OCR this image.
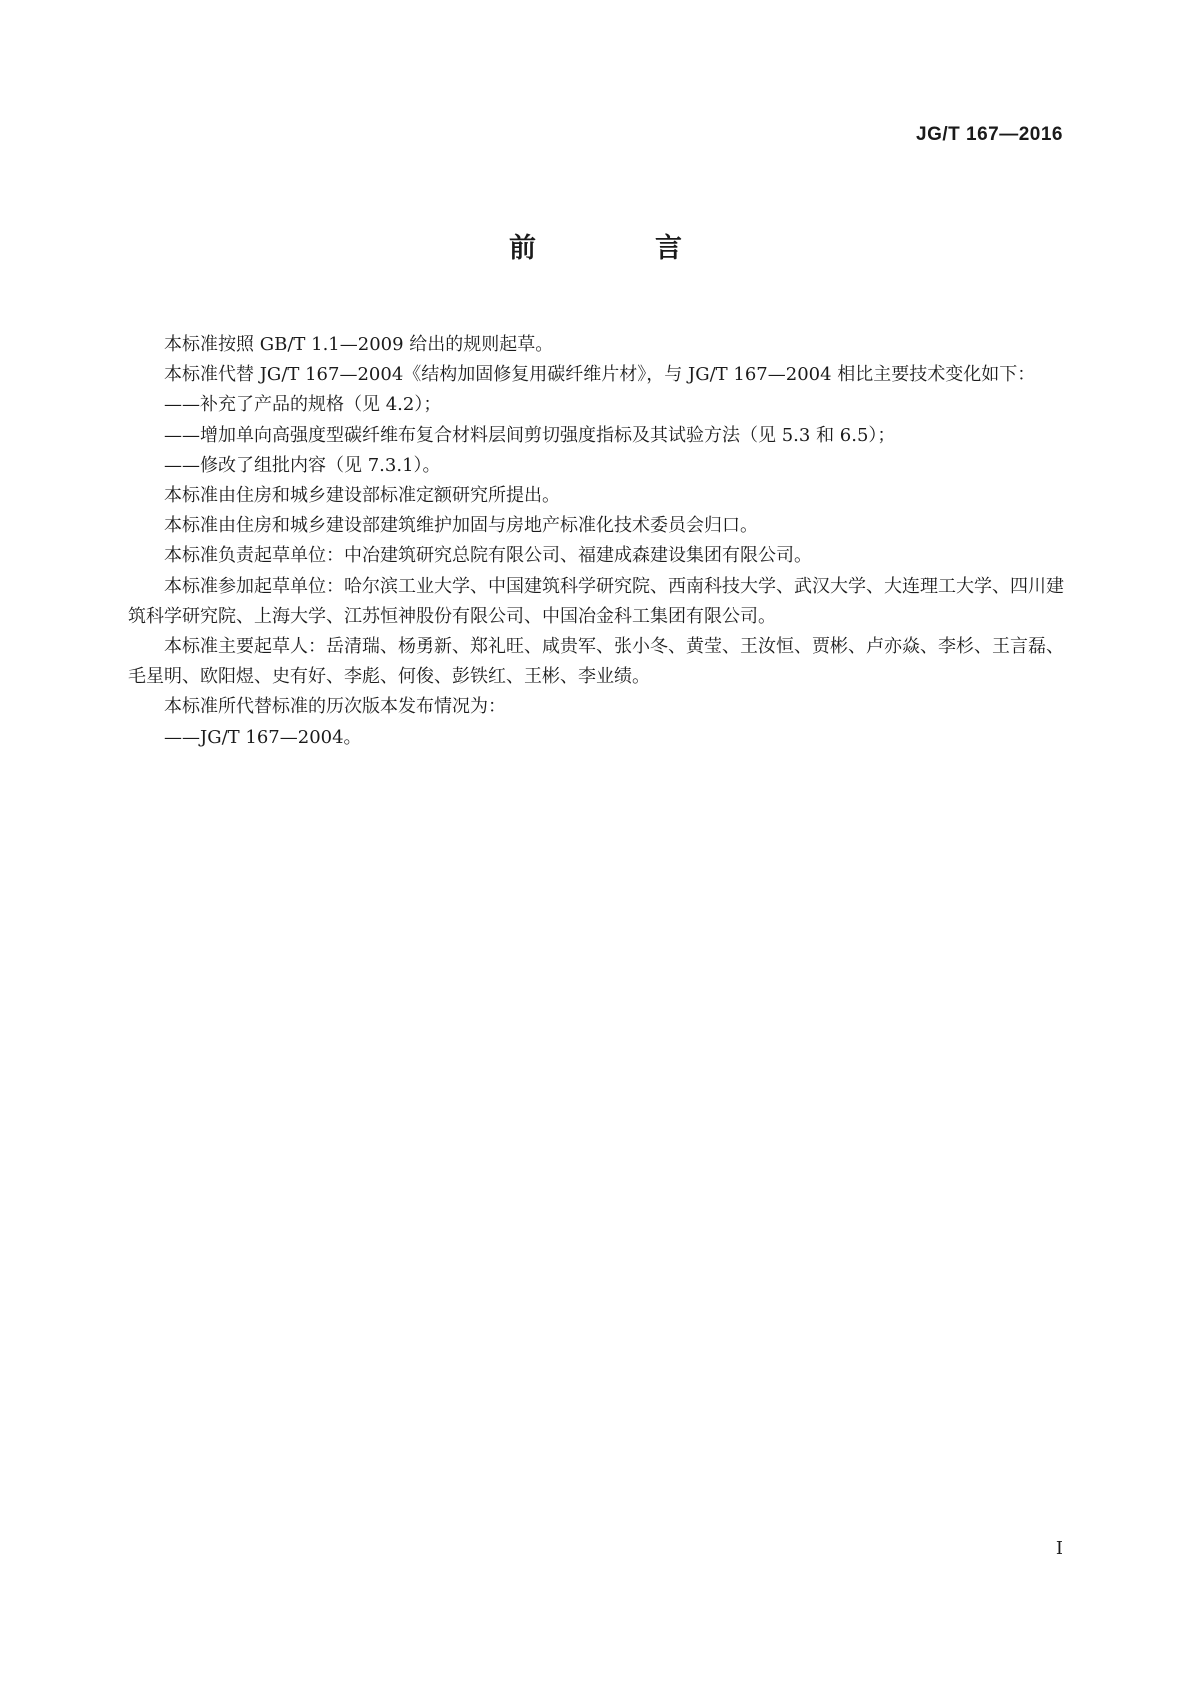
JG/T 167—2016
前　言

本标准按照 GB/T 1.1—2009 给出的规则起草。

本标准代替 JG/T 167—2004《结构加固修复用碳纤维片材》，与 JG/T 167—2004 相比主要技术变化如下：

——补充了产品的规格（见 4.2）；

——增加单向高强度型碳纤维布复合材料层间剪切强度指标及其试验方法（见 5.3 和 6.5）；

——修改了组批内容（见 7.3.1）。

本标准由住房和城乡建设部标准定额研究所提出。

本标准由住房和城乡建设部建筑维护加固与房地产标准化技术委员会归口。

本标准负责起草单位：中冶建筑研究总院有限公司、福建成森建设集团有限公司。

本标准参加起草单位：哈尔滨工业大学、中国建筑科学研究院、西南科技大学、武汉大学、大连理工大学、四川建筑科学研究院、上海大学、江苏恒神股份有限公司、中国冶金科工集团有限公司。

本标准主要起草人：岳清瑞、杨勇新、郑礼旺、咸贵军、张小冬、黄莹、王汝恒、贾彬、卢亦焱、李杉、王言磊、毛星明、欧阳煜、史有好、李彪、何俊、彭铁红、王彬、李业绩。

本标准所代替标准的历次版本发布情况为：

——JG/T 167—2004。

I
